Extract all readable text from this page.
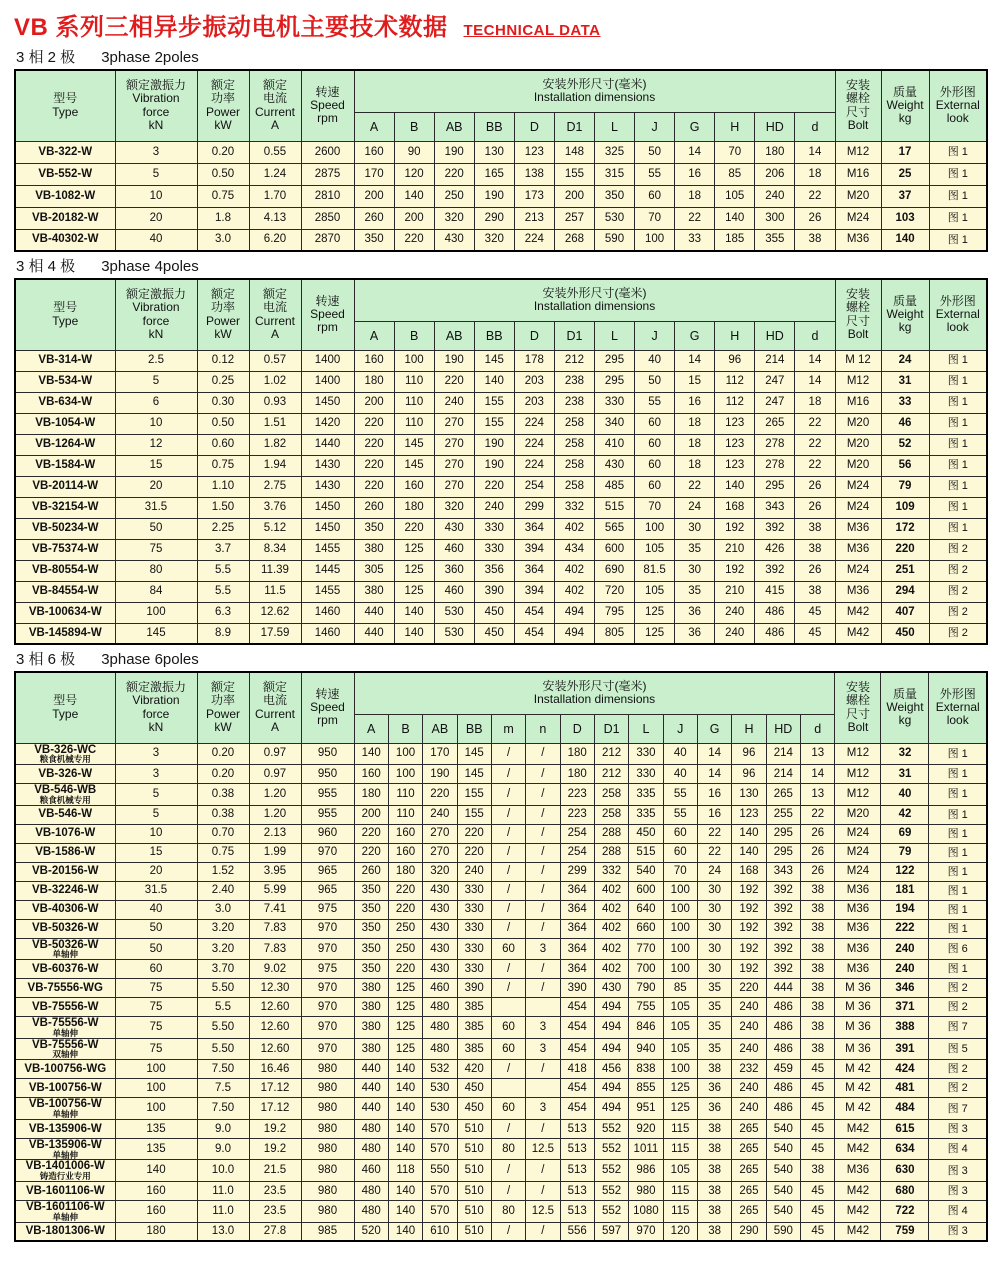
VB 系列三相异步振动电机主要技术数据 TECHNICAL DATA
3 相 2 极 3phase 2poles
型号
Type	额定激振力
Vibration
force
kN	额定
功率
Power
kW	额定
电流
Current
A	转速
Speed
rpm	安装外形尺寸(毫米)
Installation dimensions												安装
螺栓
尺寸
Bolt	质量
Weight
kg	外形图
External
look
					A	B	AB	BB	D	D1	L	J	G	H	HD	d			
VB-322-W	3	0.20	0.55	2600	160	90	190	130	123	148	325	50	14	70	180	14	M12	17	图 1
VB-552-W	5	0.50	1.24	2875	170	120	220	165	138	155	315	55	16	85	206	18	M16	25	图 1
VB-1082-W	10	0.75	1.70	2810	200	140	250	190	173	200	350	60	18	105	240	22	M20	37	图 1
VB-20182-W	20	1.8	4.13	2850	260	200	320	290	213	257	530	70	22	140	300	26	M24	103	图 1
VB-40302-W	40	3.0	6.20	2870	350	220	430	320	224	268	590	100	33	185	355	38	M36	140	图 1
3 相 4 极 3phase 4poles
型号
Type	额定激振力
Vibration
force
kN	额定
功率
Power
kW	额定
电流
Current
A	转速
Speed
rpm	安装外形尺寸(毫米)
Installation dimensions												安装
螺栓
尺寸
Bolt	质量
Weight
kg	外形图
External
look
					A	B	AB	BB	D	D1	L	J	G	H	HD	d			
VB-314-W	2.5	0.12	0.57	1400	160	100	190	145	178	212	295	40	14	96	214	14	M 12	24	图 1
VB-534-W	5	0.25	1.02	1400	180	110	220	140	203	238	295	50	15	112	247	14	M12	31	图 1
VB-634-W	6	0.30	0.93	1450	200	110	240	155	203	238	330	55	16	112	247	18	M16	33	图 1
VB-1054-W	10	0.50	1.51	1420	220	110	270	155	224	258	340	60	18	123	265	22	M20	46	图 1
VB-1264-W	12	0.60	1.82	1440	220	145	270	190	224	258	410	60	18	123	278	22	M20	52	图 1
VB-1584-W	15	0.75	1.94	1430	220	145	270	190	224	258	430	60	18	123	278	22	M20	56	图 1
VB-20114-W	20	1.10	2.75	1430	220	160	270	220	254	258	485	60	22	140	295	26	M24	79	图 1
VB-32154-W	31.5	1.50	3.76	1450	260	180	320	240	299	332	515	70	24	168	343	26	M24	109	图 1
VB-50234-W	50	2.25	5.12	1450	350	220	430	330	364	402	565	100	30	192	392	38	M36	172	图 1
VB-75374-W	75	3.7	8.34	1455	380	125	460	330	394	434	600	105	35	210	426	38	M36	220	图 2
VB-80554-W	80	5.5	11.39	1445	305	125	360	356	364	402	690	81.5	30	192	392	26	M24	251	图 2
VB-84554-W	84	5.5	11.5	1455	380	125	460	390	394	402	720	105	35	210	415	38	M36	294	图 2
VB-100634-W	100	6.3	12.62	1460	440	140	530	450	454	494	795	125	36	240	486	45	M42	407	图 2
VB-145894-W	145	8.9	17.59	1460	440	140	530	450	454	494	805	125	36	240	486	45	M42	450	图 2
3 相 6 极 3phase 6poles
型号
Type	额定激振力
Vibration
force
kN	额定
功率
Power
kW	额定
电流
Current
A	转速
Speed
rpm	安装外形尺寸(毫米)
Installation dimensions														安装
螺栓
尺寸
Bolt	质量
Weight
kg	外形图
External
look
					A	B	AB	BB	m	n	D	D1	L	J	G	H	HD	d			
VB-326-WC
粮食机械专用	3	0.20	0.97	950	140	100	170	145	/	/	180	212	330	40	14	96	214	13	M12	32	图 1
VB-326-W	3	0.20	0.97	950	160	100	190	145	/	/	180	212	330	40	14	96	214	14	M12	31	图 1
VB-546-WB
粮食机械专用	5	0.38	1.20	955	180	110	220	155	/	/	223	258	335	55	16	130	265	13	M12	40	图 1
VB-546-W	5	0.38	1.20	955	200	110	240	155	/	/	223	258	335	55	16	123	255	22	M20	42	图 1
VB-1076-W	10	0.70	2.13	960	220	160	270	220	/	/	254	288	450	60	22	140	295	26	M24	69	图 1
VB-1586-W	15	0.75	1.99	970	220	160	270	220	/	/	254	288	515	60	22	140	295	26	M24	79	图 1
VB-20156-W	20	1.52	3.95	965	260	180	320	240	/	/	299	332	540	70	24	168	343	26	M24	122	图 1
VB-32246-W	31.5	2.40	5.99	965	350	220	430	330	/	/	364	402	600	100	30	192	392	38	M36	181	图 1
VB-40306-W	40	3.0	7.41	975	350	220	430	330	/	/	364	402	640	100	30	192	392	38	M36	194	图 1
VB-50326-W	50	3.20	7.83	970	350	250	430	330	/	/	364	402	660	100	30	192	392	38	M36	222	图 1
VB-50326-W
单轴伸	50	3.20	7.83	970	350	250	430	330	60	3	364	402	770	100	30	192	392	38	M36	240	图 6
VB-60376-W	60	3.70	9.02	975	350	220	430	330	/	/	364	402	700	100	30	192	392	38	M36	240	图 1
VB-75556-WG	75	5.50	12.30	970	380	125	460	390	/	/	390	430	790	85	35	220	444	38	M 36	346	图 2
VB-75556-W	75	5.5	12.60	970	380	125	480	385			454	494	755	105	35	240	486	38	M 36	371	图 2
VB-75556-W
单轴伸	75	5.50	12.60	970	380	125	480	385	60	3	454	494	846	105	35	240	486	38	M 36	388	图 7
VB-75556-W
双轴伸	75	5.50	12.60	970	380	125	480	385	60	3	454	494	940	105	35	240	486	38	M 36	391	图 5
VB-100756-WG	100	7.50	16.46	980	440	140	532	420	/	/	418	456	838	100	38	232	459	45	M 42	424	图 2
VB-100756-W	100	7.5	17.12	980	440	140	530	450			454	494	855	125	36	240	486	45	M 42	481	图 2
VB-100756-W
单轴伸	100	7.50	17.12	980	440	140	530	450	60	3	454	494	951	125	36	240	486	45	M 42	484	图 7
VB-135906-W	135	9.0	19.2	980	480	140	570	510	/	/	513	552	920	115	38	265	540	45	M42	615	图 3
VB-135906-W
单轴伸	135	9.0	19.2	980	480	140	570	510	80	12.5	513	552	1011	115	38	265	540	45	M42	634	图 4
VB-1401006-W
铸造行业专用	140	10.0	21.5	980	460	118	550	510	/	/	513	552	986	105	38	265	540	38	M36	630	图 3
VB-1601106-W	160	11.0	23.5	980	480	140	570	510	/	/	513	552	980	115	38	265	540	45	M42	680	图 3
VB-1601106-W
单轴伸	160	11.0	23.5	980	480	140	570	510	80	12.5	513	552	1080	115	38	265	540	45	M42	722	图 4
VB-1801306-W	180	13.0	27.8	985	520	140	610	510	/	/	556	597	970	120	38	290	590	45	M42	759	图 3
